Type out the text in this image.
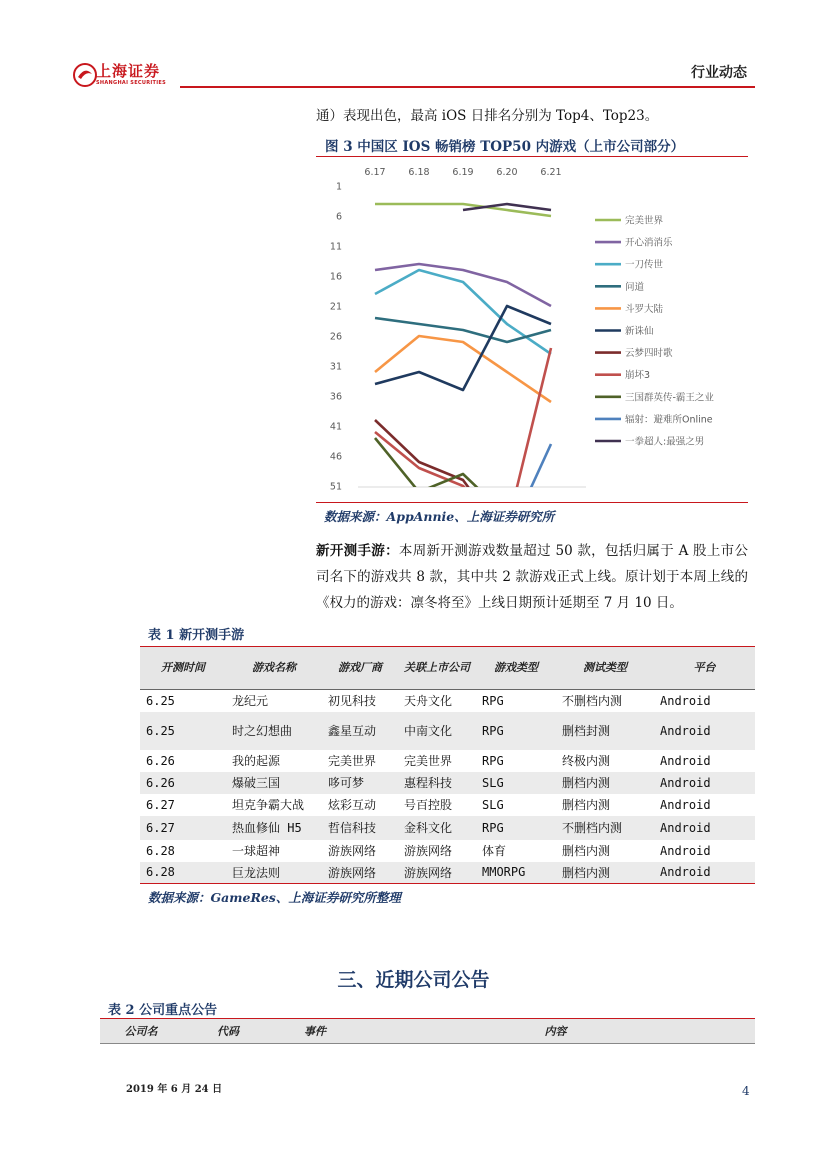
上海证券
SHANGHAI SECURITIES
行业动态
通）表现出色，最高 iOS 日排名分别为 Top4、Top23。
图 3 中国区 IOS 畅销榜 TOP50 内游戏（上市公司部分）
6.17 6.18 6.19 6.20 6.21
1
6
11
16
21
26
31
36
41
46
51
完美世界
开心消消乐
一刀传世
问道
斗罗大陆
新诛仙
云梦四时歌
崩坏3
三国群英传-霸王之业
辐射：避难所Online
一拳超人:最强之男
数据来源：AppAnnie、上海证券研究所
新开测手游：本周新开测游戏数量超过 50 款，包括归属于 A 股上市公司名下的游戏共 8 款，其中共 2 款游戏正式上线。原计划于本周上线的《权力的游戏：凛冬将至》上线日期预计延期至 7 月 10 日。
表 1 新开测手游
开测时间	游戏名称	游戏厂商	关联上市公司	游戏类型	测试类型	平台
6.25	龙纪元	初见科技	天舟文化	RPG	不删档内测	Android
6.25	时之幻想曲	鑫星互动	中南文化	RPG	删档封测	Android
6.26	我的起源	完美世界	完美世界	RPG	终极内测	Android
6.26	爆破三国	哆可梦	惠程科技	SLG	删档内测	Android
6.27	坦克争霸大战	炫彩互动	号百控股	SLG	删档内测	Android
6.27	热血修仙 H5	哲信科技	金科文化	RPG	不删档内测	Android
6.28	一球超神	游族网络	游族网络	体育	删档内测	Android
6.28	巨龙法则	游族网络	游族网络	MMORPG	删档内测	Android
数据来源：GameRes、上海证券研究所整理
三、近期公司公告
表 2 公司重点公告
公司名	代码	事件	内容
2019 年 6 月 24 日	4
